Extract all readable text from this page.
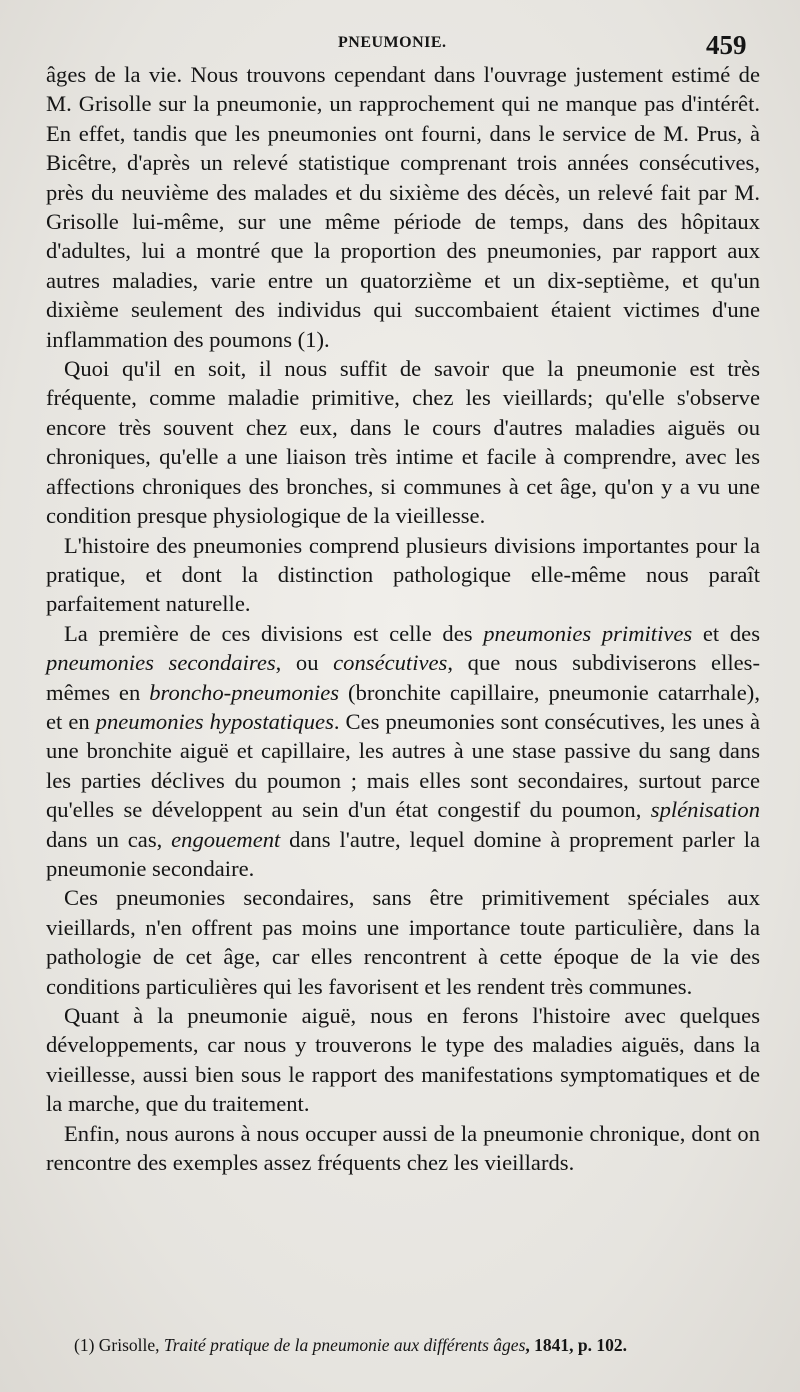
PNEUMONIE.	459

âges de la vie. Nous trouvons cependant dans l'ouvrage justement estimé de M. Grisolle sur la pneumonie, un rapprochement qui ne manque pas d'intérêt. En effet, tandis que les pneumonies ont fourni, dans le service de M. Prus, à Bicêtre, d'après un relevé statistique comprenant trois années consécutives, près du neuvième des malades et du sixième des décès, un relevé fait par M. Grisolle lui-même, sur une même période de temps, dans des hôpitaux d'adultes, lui a montré que la proportion des pneumonies, par rapport aux autres maladies, varie entre un quatorzième et un dix-septième, et qu'un dixième seulement des individus qui succombaient étaient victimes d'une inflammation des poumons (1).

Quoi qu'il en soit, il nous suffit de savoir que la pneumonie est très fréquente, comme maladie primitive, chez les vieillards; qu'elle s'observe encore très souvent chez eux, dans le cours d'autres maladies aiguës ou chroniques, qu'elle a une liaison très intime et facile à comprendre, avec les affections chroniques des bronches, si communes à cet âge, qu'on y a vu une condition presque physiologique de la vieillesse.

L'histoire des pneumonies comprend plusieurs divisions importantes pour la pratique, et dont la distinction pathologique elle-même nous paraît parfaitement naturelle.

La première de ces divisions est celle des pneumonies primitives et des pneumonies secondaires, ou consécutives, que nous subdiviserons elles-mêmes en broncho-pneumonies (bronchite capillaire, pneumonie catarrhale), et en pneumonies hypostatiques. Ces pneumonies sont consécutives, les unes à une bronchite aiguë et capillaire, les autres à une stase passive du sang dans les parties déclives du poumon ; mais elles sont secondaires, surtout parce qu'elles se développent au sein d'un état congestif du poumon, splénisation dans un cas, engouement dans l'autre, lequel domine à proprement parler la pneumonie secondaire.

Ces pneumonies secondaires, sans être primitivement spéciales aux vieillards, n'en offrent pas moins une importance toute particulière, dans la pathologie de cet âge, car elles rencontrent à cette époque de la vie des conditions particulières qui les favorisent et les rendent très communes.

Quant à la pneumonie aiguë, nous en ferons l'histoire avec quelques développements, car nous y trouverons le type des maladies aiguës, dans la vieillesse, aussi bien sous le rapport des manifestations symptomatiques et de la marche, que du traitement.

Enfin, nous aurons à nous occuper aussi de la pneumonie chronique, dont on rencontre des exemples assez fréquents chez les vieillards.

(1) Grisolle, Traité pratique de la pneumonie aux différents âges, 1841, p. 102.
